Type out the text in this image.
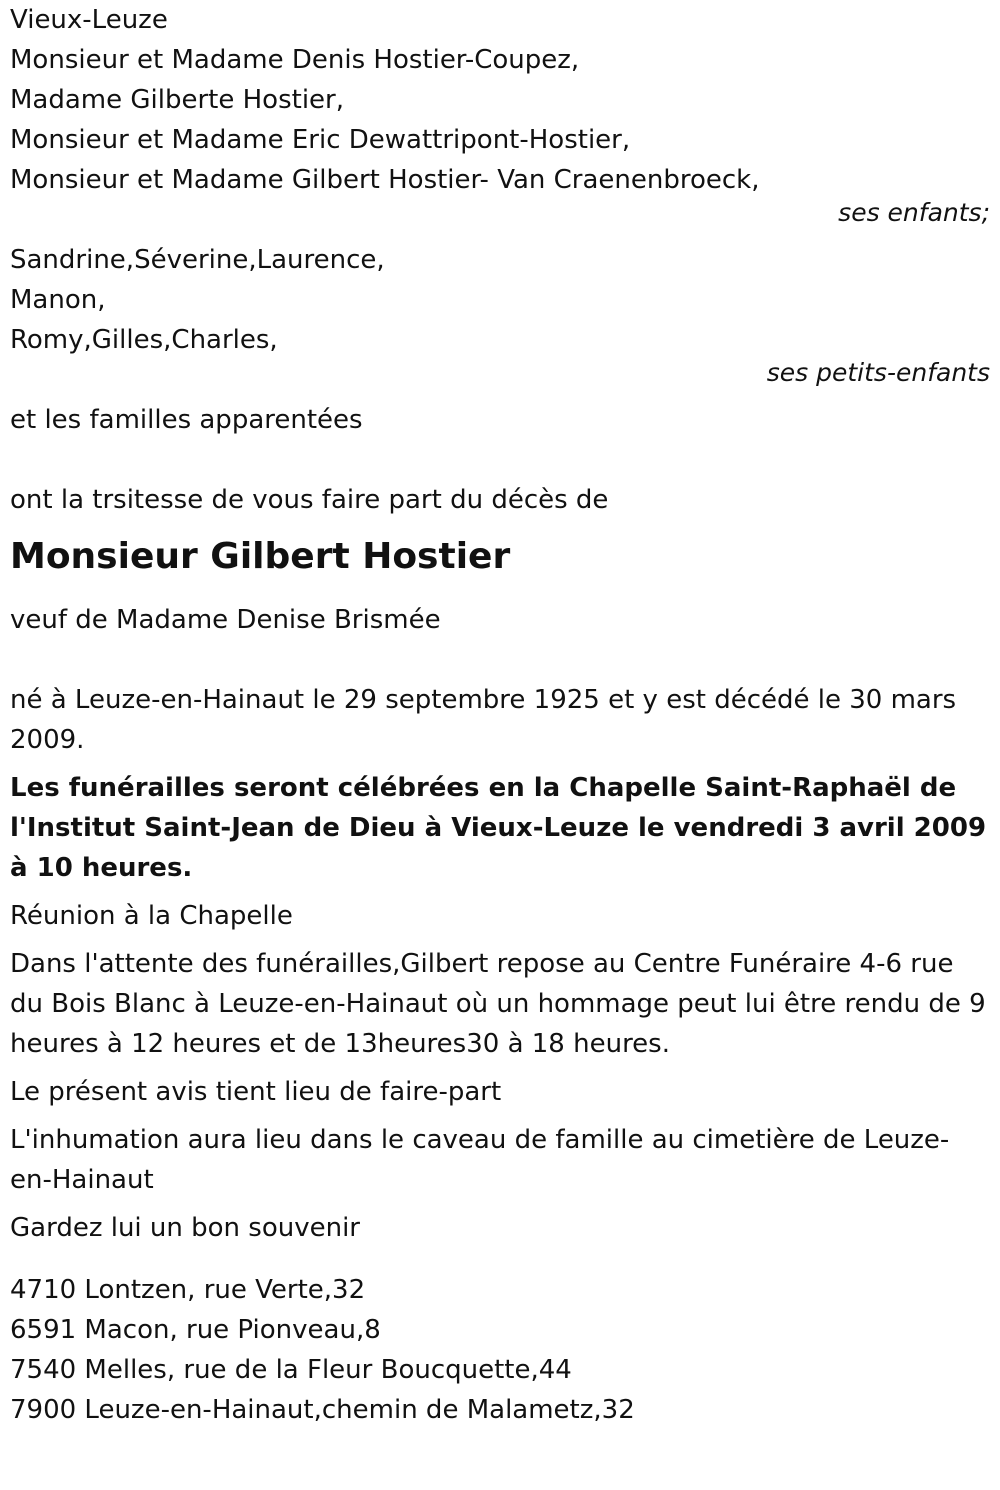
Vieux-Leuze
Monsieur et Madame Denis Hostier-Coupez,
Madame Gilberte Hostier,
Monsieur et Madame Eric Dewattripont-Hostier,
Monsieur et Madame Gilbert Hostier- Van Craenenbroeck,
ses enfants;
Sandrine,Séverine,Laurence,
Manon,
Romy,Gilles,Charles,
ses petits-enfants
et les familles apparentées
ont la trsitesse de vous faire part du décès de
Monsieur Gilbert Hostier
veuf de Madame Denise Brismée
né à Leuze-en-Hainaut le 29 septembre 1925 et y est décédé le 30 mars 2009.
Les funérailles seront célébrées en la Chapelle Saint-Raphaël de l'Institut Saint-Jean de Dieu à Vieux-Leuze le vendredi 3 avril 2009 à 10 heures.
Réunion à la Chapelle
Dans l'attente des funérailles,Gilbert repose au Centre Funéraire 4-6 rue du Bois Blanc à Leuze-en-Hainaut où un hommage peut lui être rendu de 9 heures à 12 heures et de 13heures30 à 18 heures.
Le présent avis tient lieu de faire-part
L'inhumation aura lieu dans le caveau de famille au cimetière de Leuze-en-Hainaut
Gardez lui un bon souvenir
4710 Lontzen, rue Verte,32
6591 Macon, rue Pionveau,8
7540 Melles, rue de la Fleur Boucquette,44
7900 Leuze-en-Hainaut,chemin de Malametz,32
